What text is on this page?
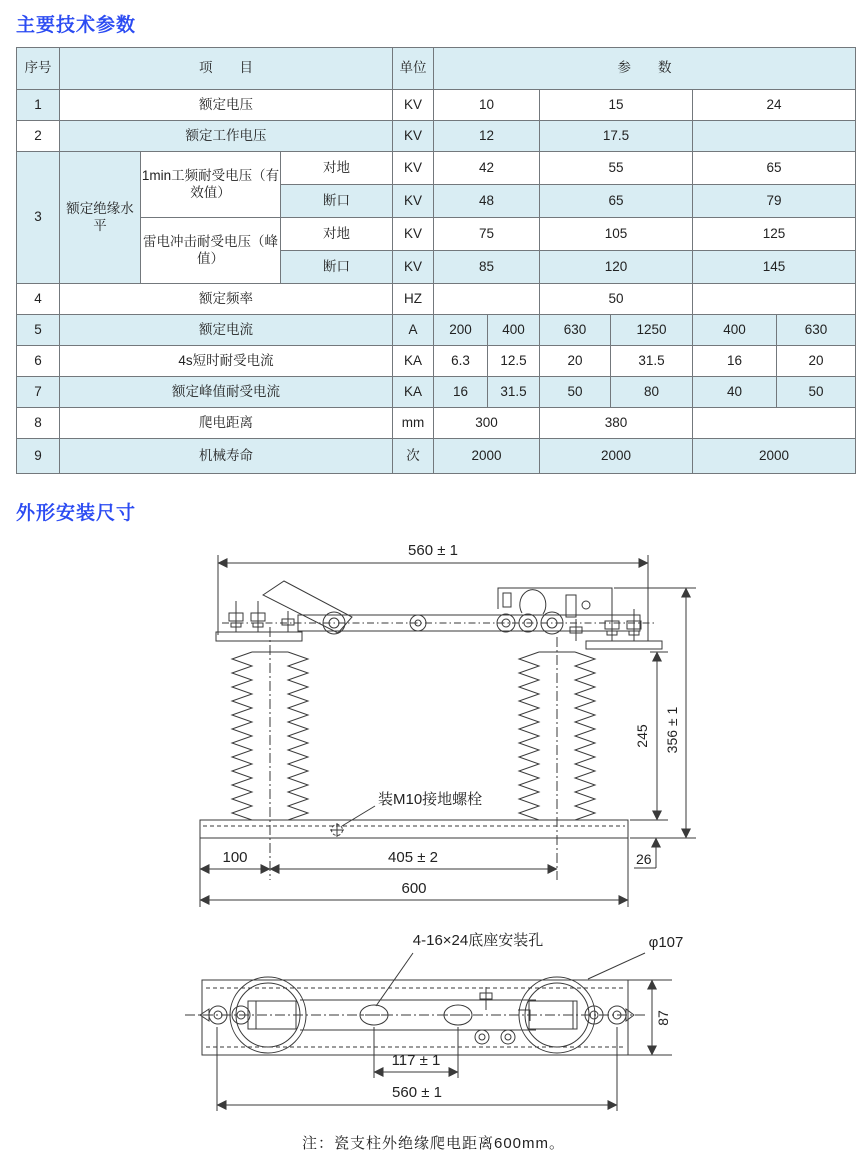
主要技术参数
序号	项　　目			单位	参　　数					
1	额定电压			KV	10		15		24	
2	额定工作电压			KV	12		17.5			
3	额定绝缘水平	1min工频耐受电压（有效值）	对地	KV	42		55		65	
			断口	KV	48		65		79	
		雷电冲击耐受电压（峰值）	对地	KV	75		105		125	
			断口	KV	85		120		145	
4	额定频率			HZ			50			
5	额定电流			A	200	400	630	1250	400	630
6	4s短时耐受电流			KA	6.3	12.5	20	31.5	16	20
7	额定峰值耐受电流			KA	16	31.5	50	80	40	50
8	爬电距离			mm	300		380			
9	机械寿命			次	2000		2000		2000	
外形安装尺寸
560 ± 1
装M10接地螺栓
245 356 ± 1
26
100	405 ± 2
600

4-16×24底座安装孔	φ107
87
117 ± 1
560 ± 1
注：瓷支柱外绝缘爬电距离600mm。
